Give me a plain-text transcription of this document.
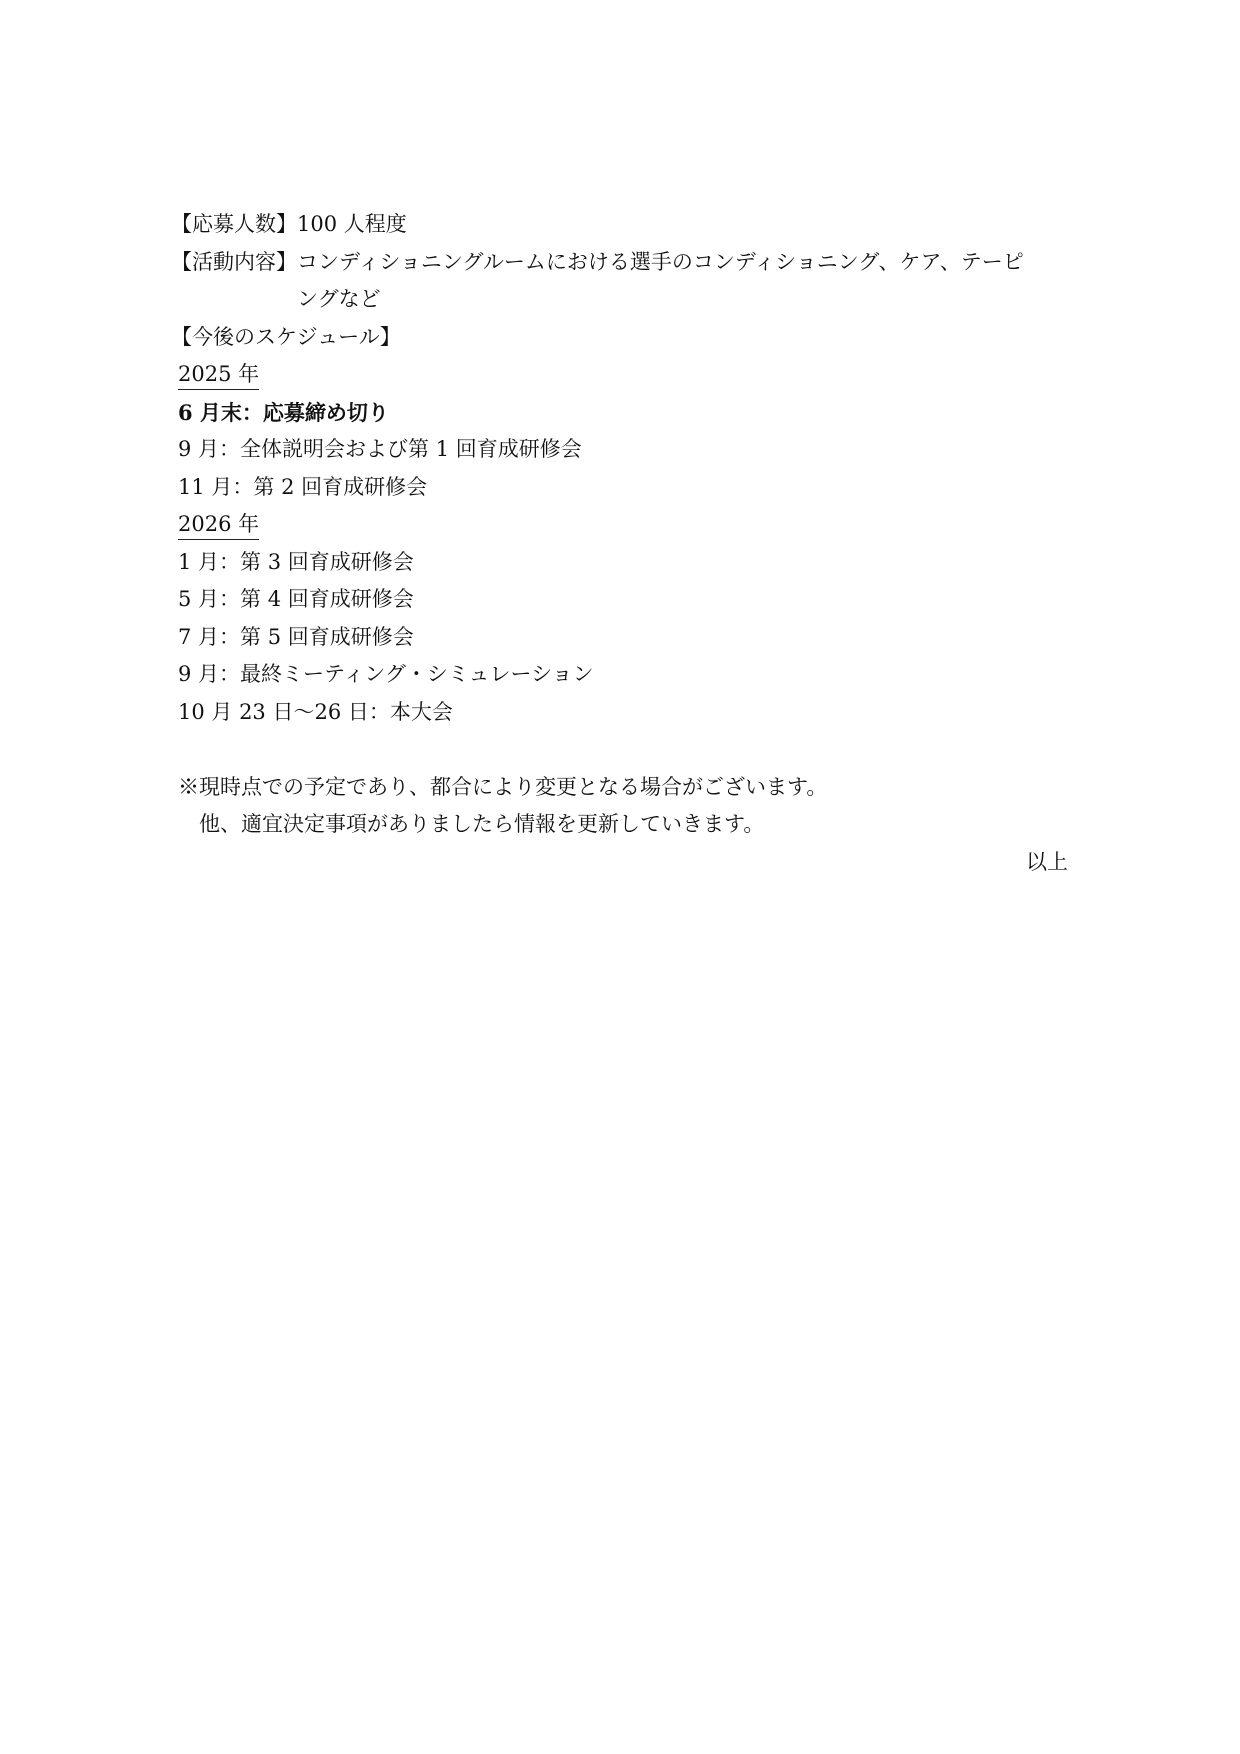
【応募人数】 100 人程度
【活動内容】 コンディショニングルームにおける選手のコンディショニング、ケア、テーピングなど
【今後のスケジュール】
2025 年
6 月末：応募締め切り
9 月：全体説明会および第 1 回育成研修会
11 月：第 2 回育成研修会
2026 年
1 月：第 3 回育成研修会
5 月：第 4 回育成研修会
7 月：第 5 回育成研修会
9 月：最終ミーティング・シミュレーション
10 月 23 日～26 日：本大会
※現時点での予定であり、都合により変更となる場合がございます。
他、適宜決定事項がありましたら情報を更新していきます。
以上
